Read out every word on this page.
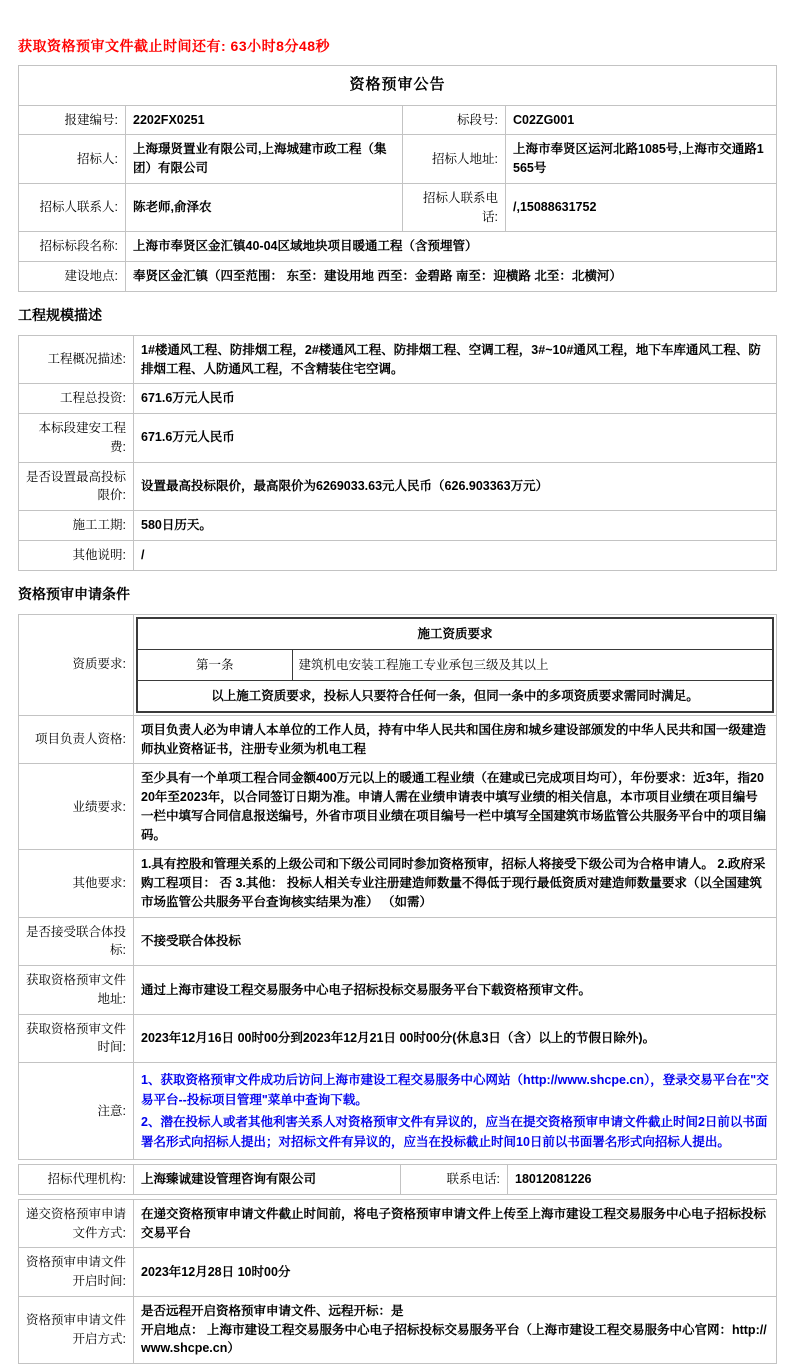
获取资格预审文件截止时间还有: 63小时8分48秒
资格预审公告			
报建编号:	2202FX0251	标段号:	C02ZG001
招标人:	上海璟贤置业有限公司,上海城建市政工程（集团）有限公司	招标人地址:	上海市奉贤区运河北路1085号,上海市交通路1565号
招标人联系人:	陈老师,俞泽农	招标人联系电话:	/,15088631752
招标标段名称:	上海市奉贤区金汇镇40-04区域地块项目暖通工程（含预埋管）		
建设地点:	奉贤区金汇镇（四至范围： 东至：建设用地 西至：金碧路 南至：迎横路 北至：北横河）		
工程规模描述
工程概况描述:	1#楼通风工程、防排烟工程，2#楼通风工程、防排烟工程、空调工程，3#~10#通风工程，地下车库通风工程、防排烟工程、人防通风工程，不含精装住宅空调。
工程总投资:	671.6万元人民币
本标段建安工程费:	671.6万元人民币
是否设置最高投标限价:	设置最高投标限价，最高限价为6269033.63元人民币（626.903363万元）
施工工期:	580日历天。
其他说明:	/
资格预审申请条件
资质要求:	
施工资质要求
第一条	建筑机电安装工程施工专业承包三级及其以上
以上施工资质要求，投标人只要符合任何一条，但同一条中的多项资质要求需同时满足。

项目负责人资格:	项目负责人必为申请人本单位的工作人员，持有中华人民共和国住房和城乡建设部颁发的中华人民共和国一级建造师执业资格证书，注册专业须为机电工程
业绩要求:	至少具有一个单项工程合同金额400万元以上的暖通工程业绩（在建或已完成项目均可），年份要求：近3年，指2020年至2023年，以合同签订日期为准。申请人需在业绩申请表中填写业绩的相关信息，本市项目业绩在项目编号一栏中填写合同信息报送编号，外省市项目业绩在项目编号一栏中填写全国建筑市场监管公共服务平台中的项目编码。
其他要求:	1.具有控股和管理关系的上级公司和下级公司同时参加资格预审，招标人将接受下级公司为合格申请人。 2.政府采购工程项目： 否 3.其他： 投标人相关专业注册建造师数量不得低于现行最低资质对建造师数量要求（以全国建筑市场监管公共服务平台查询核实结果为准） （如需）
是否接受联合体投标:	不接受联合体投标
获取资格预审文件地址:	通过上海市建设工程交易服务中心电子招标投标交易服务平台下载资格预审文件。
获取资格预审文件时间:	2023年12月16日 00时00分到2023年12月21日 00时00分(休息3日（含）以上的节假日除外)。
注意:	
1、获取资格预审文件成功后访问上海市建设工程交易服务中心网站（http://www.shcpe.cn），登录交易平台在"交易平台--投标项目管理"菜单中查询下载。
2、潜在投标人或者其他利害关系人对资格预审文件有异议的，应当在提交资格预审申请文件截止时间2日前以书面署名形式向招标人提出；对招标文件有异议的，应当在投标截止时间10日前以书面署名形式向招标人提出。
招标代理机构:	上海臻诚建设管理咨询有限公司	联系电话:	18012081226
递交资格预审申请文件方式:	在递交资格预审申请文件截止时间前，将电子资格预审申请文件上传至上海市建设工程交易服务中心电子招标投标交易平台
资格预审申请文件开启时间:	2023年12月28日 10时00分
资格预审申请文件开启方式:	是否远程开启资格预审申请文件、远程开标：是
开启地点： 上海市建设工程交易服务中心电子招标投标交易服务平台（上海市建设工程交易服务中心官网：http://www.shcpe.cn）
